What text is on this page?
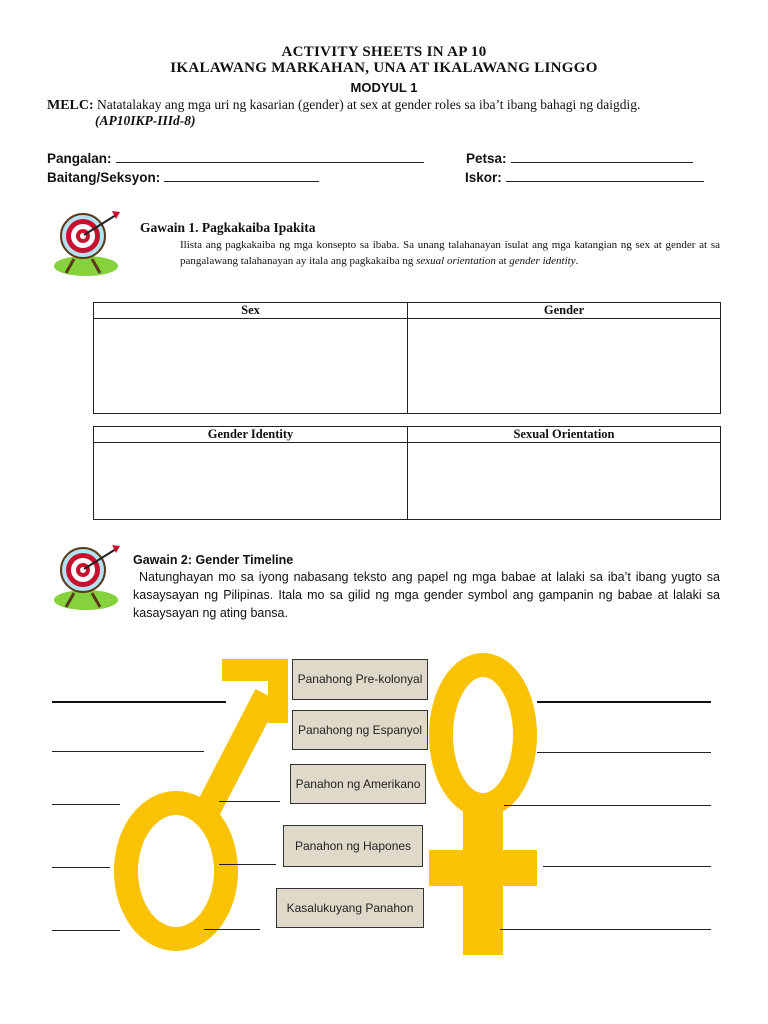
ACTIVITY SHEETS IN AP 10
IKALAWANG MARKAHAN, UNA AT IKALAWANG LINGGO
MODYUL 1
MELC: Natatalakay ang mga uri ng kasarian (gender) at sex at gender roles sa iba’t ibang bahagi ng daigdig.
(AP10IKP-IIId-8)
Pangalan:	Petsa:
Baitang/Seksyon:	Iskor:
Gawain 1. Pagkakaiba Ipakita
Ilista ang pagkakaiba ng mga konsepto sa ibaba. Sa unang talahanayan isulat ang mga katangian ng sex at gender at sa pangalawang talahanayan ay itala ang pagkakaiba ng sexual orientation at gender identity.
Sex	Gender

Gender Identity	Sexual Orientation

Gawain 2: Gender Timeline
Natunghayan mo sa iyong nabasang teksto ang papel ng mga babae at lalaki sa iba’t ibang yugto sa kasaysayan ng Pilipinas. Itala mo sa gilid ng mga gender symbol ang gampanin ng babae at lalaki sa kasaysayan ng ating bansa.
Panahong Pre-kolonyal
Panahong ng Espanyol
Panahon ng Amerikano
Panahon ng Hapones
Kasalukuyang Panahon
